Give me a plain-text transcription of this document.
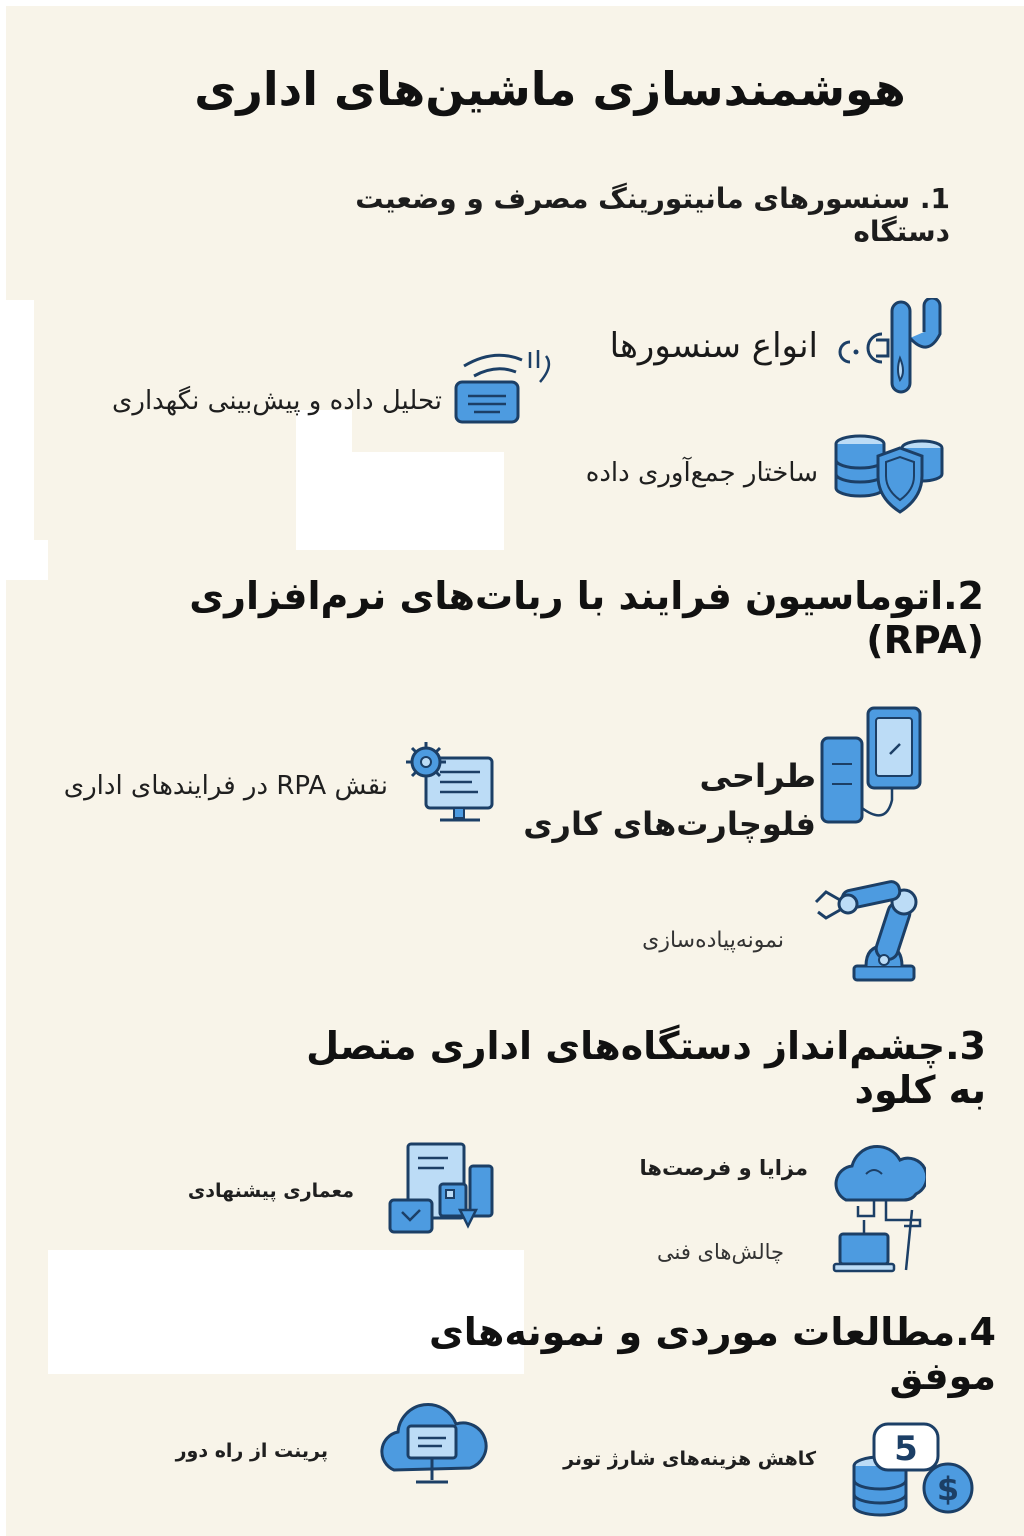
هوشمندسازی ماشین‌های اداری
1. سنسورهای مانیتورینگ مصرف و وضعیت دستگاه
انواع سنسورها
تحلیل داده و پیش‌بینی نگهداری
ساختار جمع‌آوری داده
2.اتوماسیون فرایند با ربات‌های نرم‌افزاری (RPA)
طراحی فلوچارت‌های کاری
نقش RPA در فرایندهای اداری
نمونه‌پیاده‌سازی
3.چشم‌انداز دستگاه‌های اداری متصل به کلود
مزایا و فرصت‌ها
چالش‌های فنی
معماری پیشنهادی
4.مطالعات موردی و نمونه‌های موفق
5
$
کاهش هزینه‌های شارژ تونر
پرینت از راه دور
